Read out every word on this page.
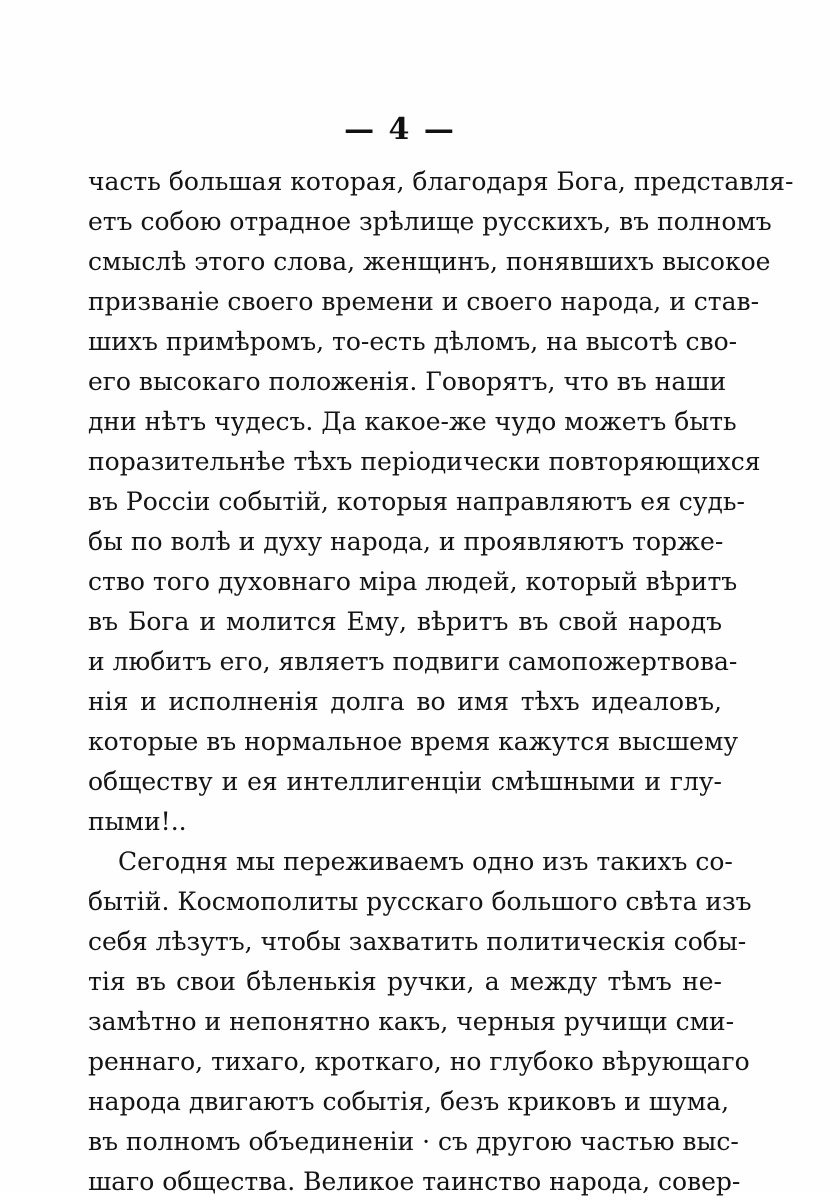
— 4 —
часть большая которая, благодаря Бога, представля-
етъ собою отрадное зрѣлище русскихъ, въ полномъ
смыслѣ этого слова, женщинъ, понявшихъ высокое
призваніе своего времени и своего народа, и став-
шихъ примѣромъ, то-есть дѣломъ, на высотѣ сво-
его высокаго положенія. Говорятъ, что въ наши
дни нѣтъ чудесъ. Да какое-же чудо можетъ быть
поразительнѣе тѣхъ періодически повторяющихся
въ Россіи событій, которыя направляютъ ея судь-
бы по волѣ и духу народа, и проявляютъ торже-
ство того духовнаго міра людей, который вѣритъ
въ Бога и молится Ему, вѣритъ въ свой народъ
и любитъ его, являетъ подвиги самопожертвова-
нія и исполненія долга во имя тѣхъ идеаловъ,
которые въ нормальное время кажутся высшему
обществу и ея интеллигенціи смѣшными и глу-
пыми!..
Сегодня мы переживаемъ одно изъ такихъ со-
бытій. Космополиты русскаго большого свѣта изъ
себя лѣзутъ, чтобы захватить политическія собы-
тія въ свои бѣленькія ручки, а между тѣмъ не-
замѣтно и непонятно какъ, черныя ручищи сми-
реннаго, тихаго, кроткаго, но глубоко вѣрующаго
народа двигаютъ событія, безъ криковъ и шума,
въ полномъ объединеніи · съ другою частью выс-
шаго общества. Великое таинство народа, совер-
